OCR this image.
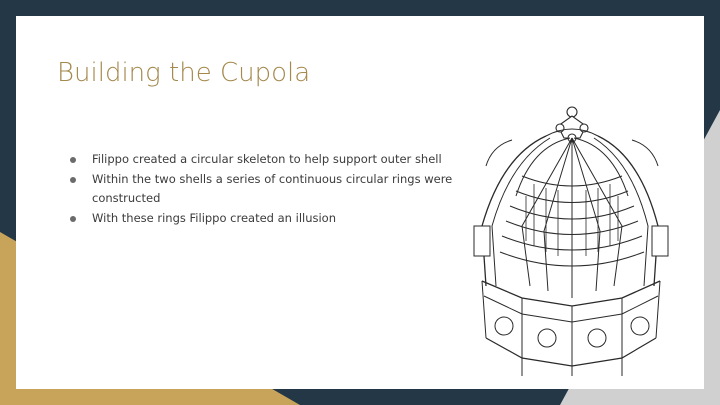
Building the Cupola
Filippo created a circular skeleton to help support outer shell
Within the two shells a series of continuous circular rings were constructed
With these rings Filippo created an illusion
